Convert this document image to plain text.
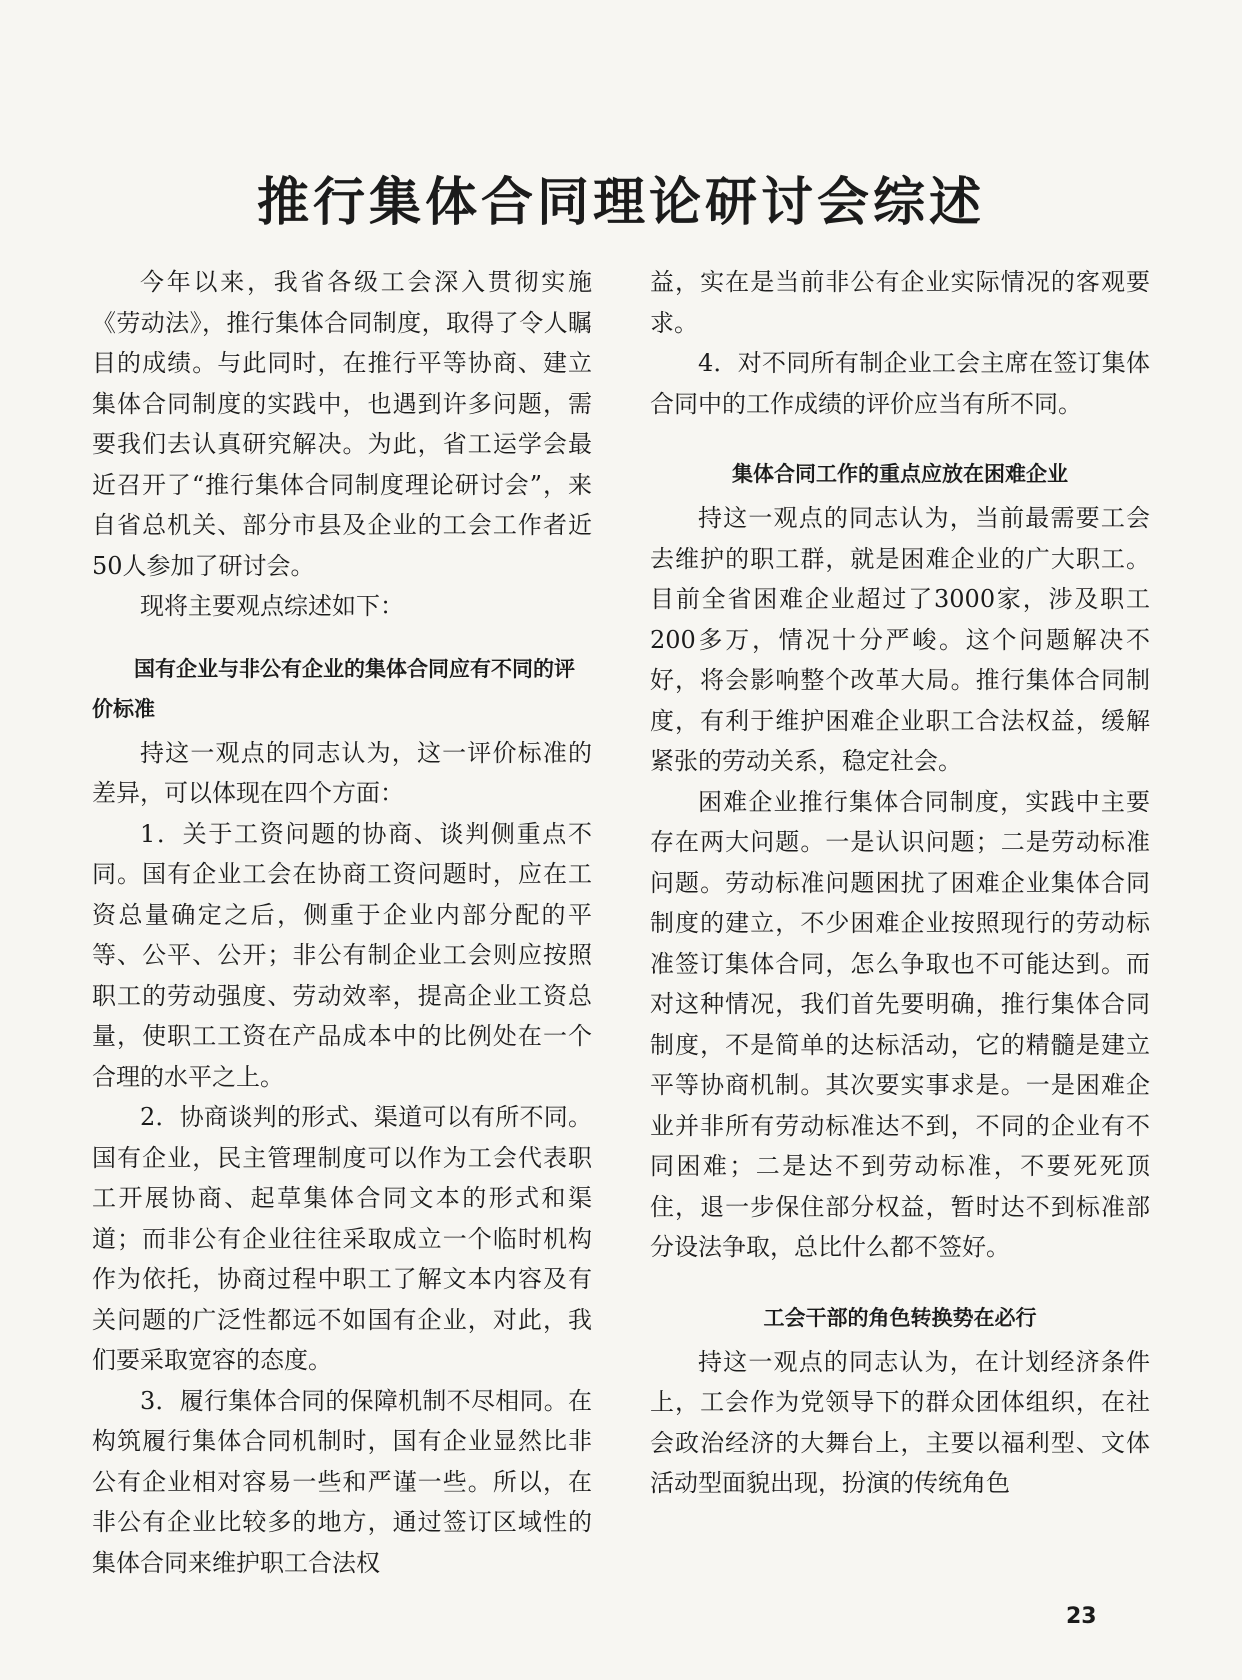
推行集体合同理论研讨会综述

今年以来，我省各级工会深入贯彻实施《劳动法》，推行集体合同制度，取得了令人瞩目的成绩。与此同时，在推行平等协商、建立集体合同制度的实践中，也遇到许多问题，需要我们去认真研究解决。为此，省工运学会最近召开了“推行集体合同制度理论研讨会”，来自省总机关、部分市县及企业的工会工作者近50人参加了研讨会。

现将主要观点综述如下：

国有企业与非公有企业的集体合同应有不同的评价标准

持这一观点的同志认为，这一评价标准的差异，可以体现在四个方面：

1．关于工资问题的协商、谈判侧重点不同。国有企业工会在协商工资问题时，应在工资总量确定之后，侧重于企业内部分配的平等、公平、公开；非公有制企业工会则应按照职工的劳动强度、劳动效率，提高企业工资总量，使职工工资在产品成本中的比例处在一个合理的水平之上。

2．协商谈判的形式、渠道可以有所不同。国有企业，民主管理制度可以作为工会代表职工开展协商、起草集体合同文本的形式和渠道；而非公有企业往往采取成立一个临时机构作为依托，协商过程中职工了解文本内容及有关问题的广泛性都远不如国有企业，对此，我们要采取宽容的态度。

3．履行集体合同的保障机制不尽相同。在构筑履行集体合同机制时，国有企业显然比非公有企业相对容易一些和严谨一些。所以，在非公有企业比较多的地方，通过签订区域性的集体合同来维护职工合法权

益，实在是当前非公有企业实际情况的客观要求。

4．对不同所有制企业工会主席在签订集体合同中的工作成绩的评价应当有所不同。

集体合同工作的重点应放在困难企业

持这一观点的同志认为，当前最需要工会去维护的职工群，就是困难企业的广大职工。目前全省困难企业超过了3000家，涉及职工200多万，情况十分严峻。这个问题解决不好，将会影响整个改革大局。推行集体合同制度，有利于维护困难企业职工合法权益，缓解紧张的劳动关系，稳定社会。

困难企业推行集体合同制度，实践中主要存在两大问题。一是认识问题；二是劳动标准问题。劳动标准问题困扰了困难企业集体合同制度的建立，不少困难企业按照现行的劳动标准签订集体合同，怎么争取也不可能达到。而对这种情况，我们首先要明确，推行集体合同制度，不是简单的达标活动，它的精髓是建立平等协商机制。其次要实事求是。一是困难企业并非所有劳动标准达不到，不同的企业有不同困难；二是达不到劳动标准，不要死死顶住，退一步保住部分权益，暂时达不到标准部分设法争取，总比什么都不签好。

工会干部的角色转换势在必行

持这一观点的同志认为，在计划经济条件上，工会作为党领导下的群众团体组织，在社会政治经济的大舞台上，主要以福利型、文体活动型面貌出现，扮演的传统角色

23
